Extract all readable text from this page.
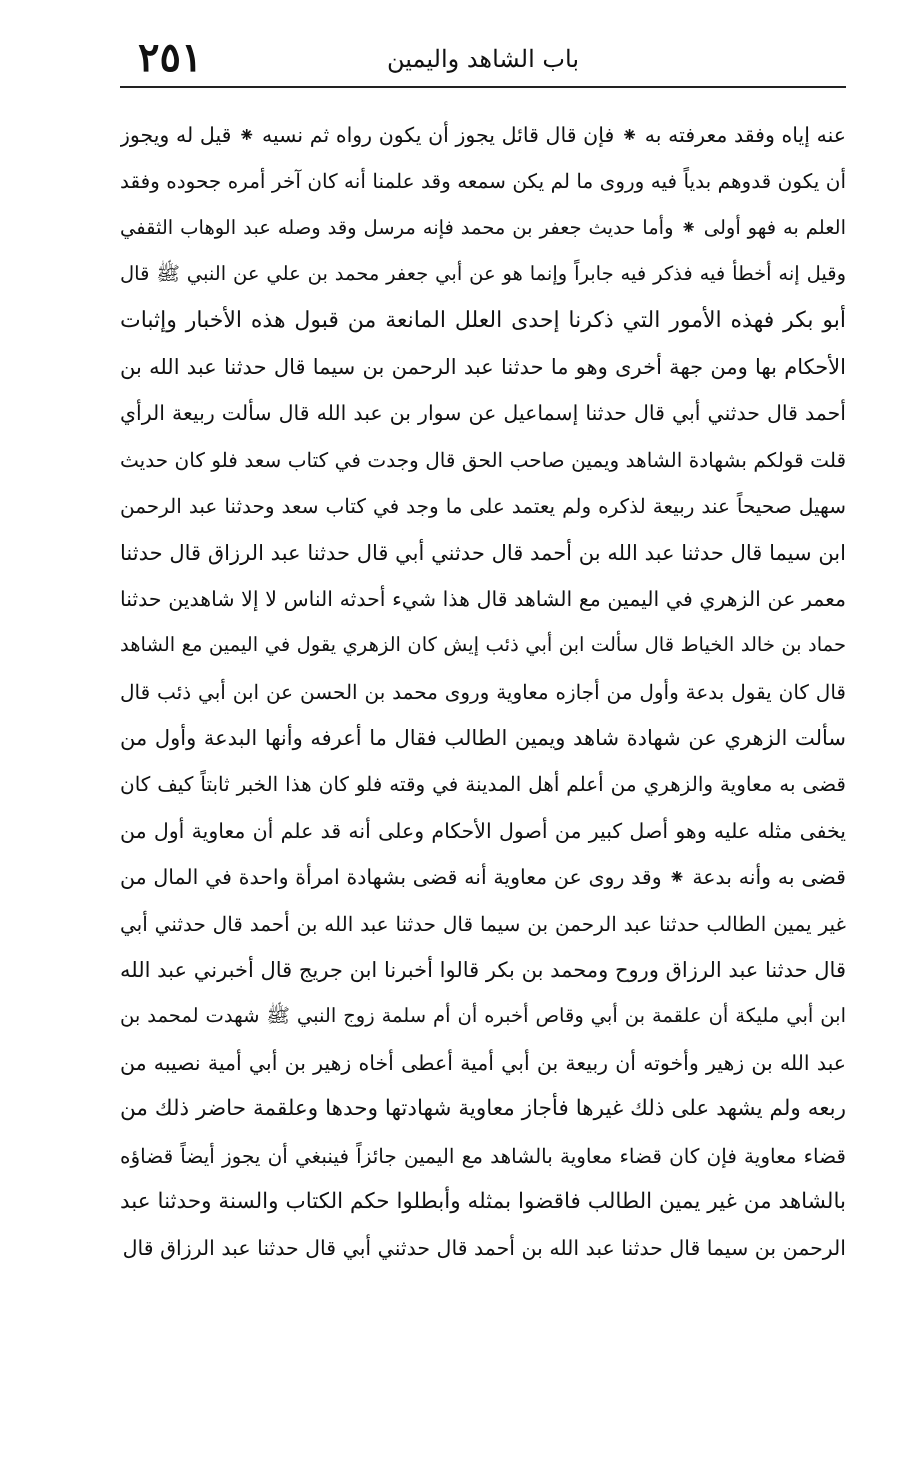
٢٥١	باب الشاهد واليمين
عنه إياه وفقد معرفته به ⁕ فإن قال قائل يجوز أن يكون رواه ثم نسيه ⁕ قيل له ويجوز
أن يكون قدوهم بدياً فيه وروى ما لم يكن سمعه وقد علمنا أنه كان آخر أمره جحوده وفقد
العلم به فهو أولى ⁕ وأما حديث جعفر بن محمد فإنه مرسل وقد وصله عبد الوهاب الثقفي
وقيل إنه أخطأ فيه فذكر فيه جابراً وإنما هو عن أبي جعفر محمد بن علي عن النبي ﷺ قال
أبو بكر فهذه الأمور التي ذكرنا إحدى العلل المانعة من قبول هذه الأخبار وإثبات
الأحكام بها ومن جهة أخرى وهو ما حدثنا عبد الرحمن بن سيما قال حدثنا عبد الله بن
أحمد قال حدثني أبي قال حدثنا إسماعيل عن سوار بن عبد الله قال سألت ربيعة الرأي
قلت قولكم بشهادة الشاهد ويمين صاحب الحق قال وجدت في كتاب سعد فلو كان حديث
سهيل صحيحاً عند ربيعة لذكره ولم يعتمد على ما وجد في كتاب سعد وحدثنا عبد الرحمن
ابن سيما قال حدثنا عبد الله بن أحمد قال حدثني أبي قال حدثنا عبد الرزاق قال حدثنا
معمر عن الزهري في اليمين مع الشاهد قال هذا شيء أحدثه الناس لا إلا شاهدين حدثنا
حماد بن خالد الخياط قال سألت ابن أبي ذئب إيش كان الزهري يقول في اليمين مع الشاهد
قال كان يقول بدعة وأول من أجازه معاوية وروى محمد بن الحسن عن ابن أبي ذئب قال
سألت الزهري عن شهادة شاهد ويمين الطالب فقال ما أعرفه وأنها البدعة وأول من
قضى به معاوية والزهري من أعلم أهل المدينة في وقته فلو كان هذا الخبر ثابتاً كيف كان
يخفى مثله عليه وهو أصل كبير من أصول الأحكام وعلى أنه قد علم أن معاوية أول من
قضى به وأنه بدعة ⁕ وقد روى عن معاوية أنه قضى بشهادة امرأة واحدة في المال من
غير يمين الطالب حدثنا عبد الرحمن بن سيما قال حدثنا عبد الله بن أحمد قال حدثني أبي
قال حدثنا عبد الرزاق وروح ومحمد بن بكر قالوا أخبرنا ابن جريج قال أخبرني عبد الله
ابن أبي مليكة أن علقمة بن أبي وقاص أخبره أن أم سلمة زوج النبي ﷺ شهدت لمحمد بن
عبد الله بن زهير وأخوته أن ربيعة بن أبي أمية أعطى أخاه زهير بن أبي أمية نصيبه من
ربعه ولم يشهد على ذلك غيرها فأجاز معاوية شهادتها وحدها وعلقمة حاضر ذلك من
قضاء معاوية فإن كان قضاء معاوية بالشاهد مع اليمين جائزاً فينبغي أن يجوز أيضاً قضاؤه
بالشاهد من غير يمين الطالب فاقضوا بمثله وأبطلوا حكم الكتاب والسنة وحدثنا عبد
الرحمن بن سيما قال حدثنا عبد الله بن أحمد قال حدثني أبي قال حدثنا عبد الرزاق قال
